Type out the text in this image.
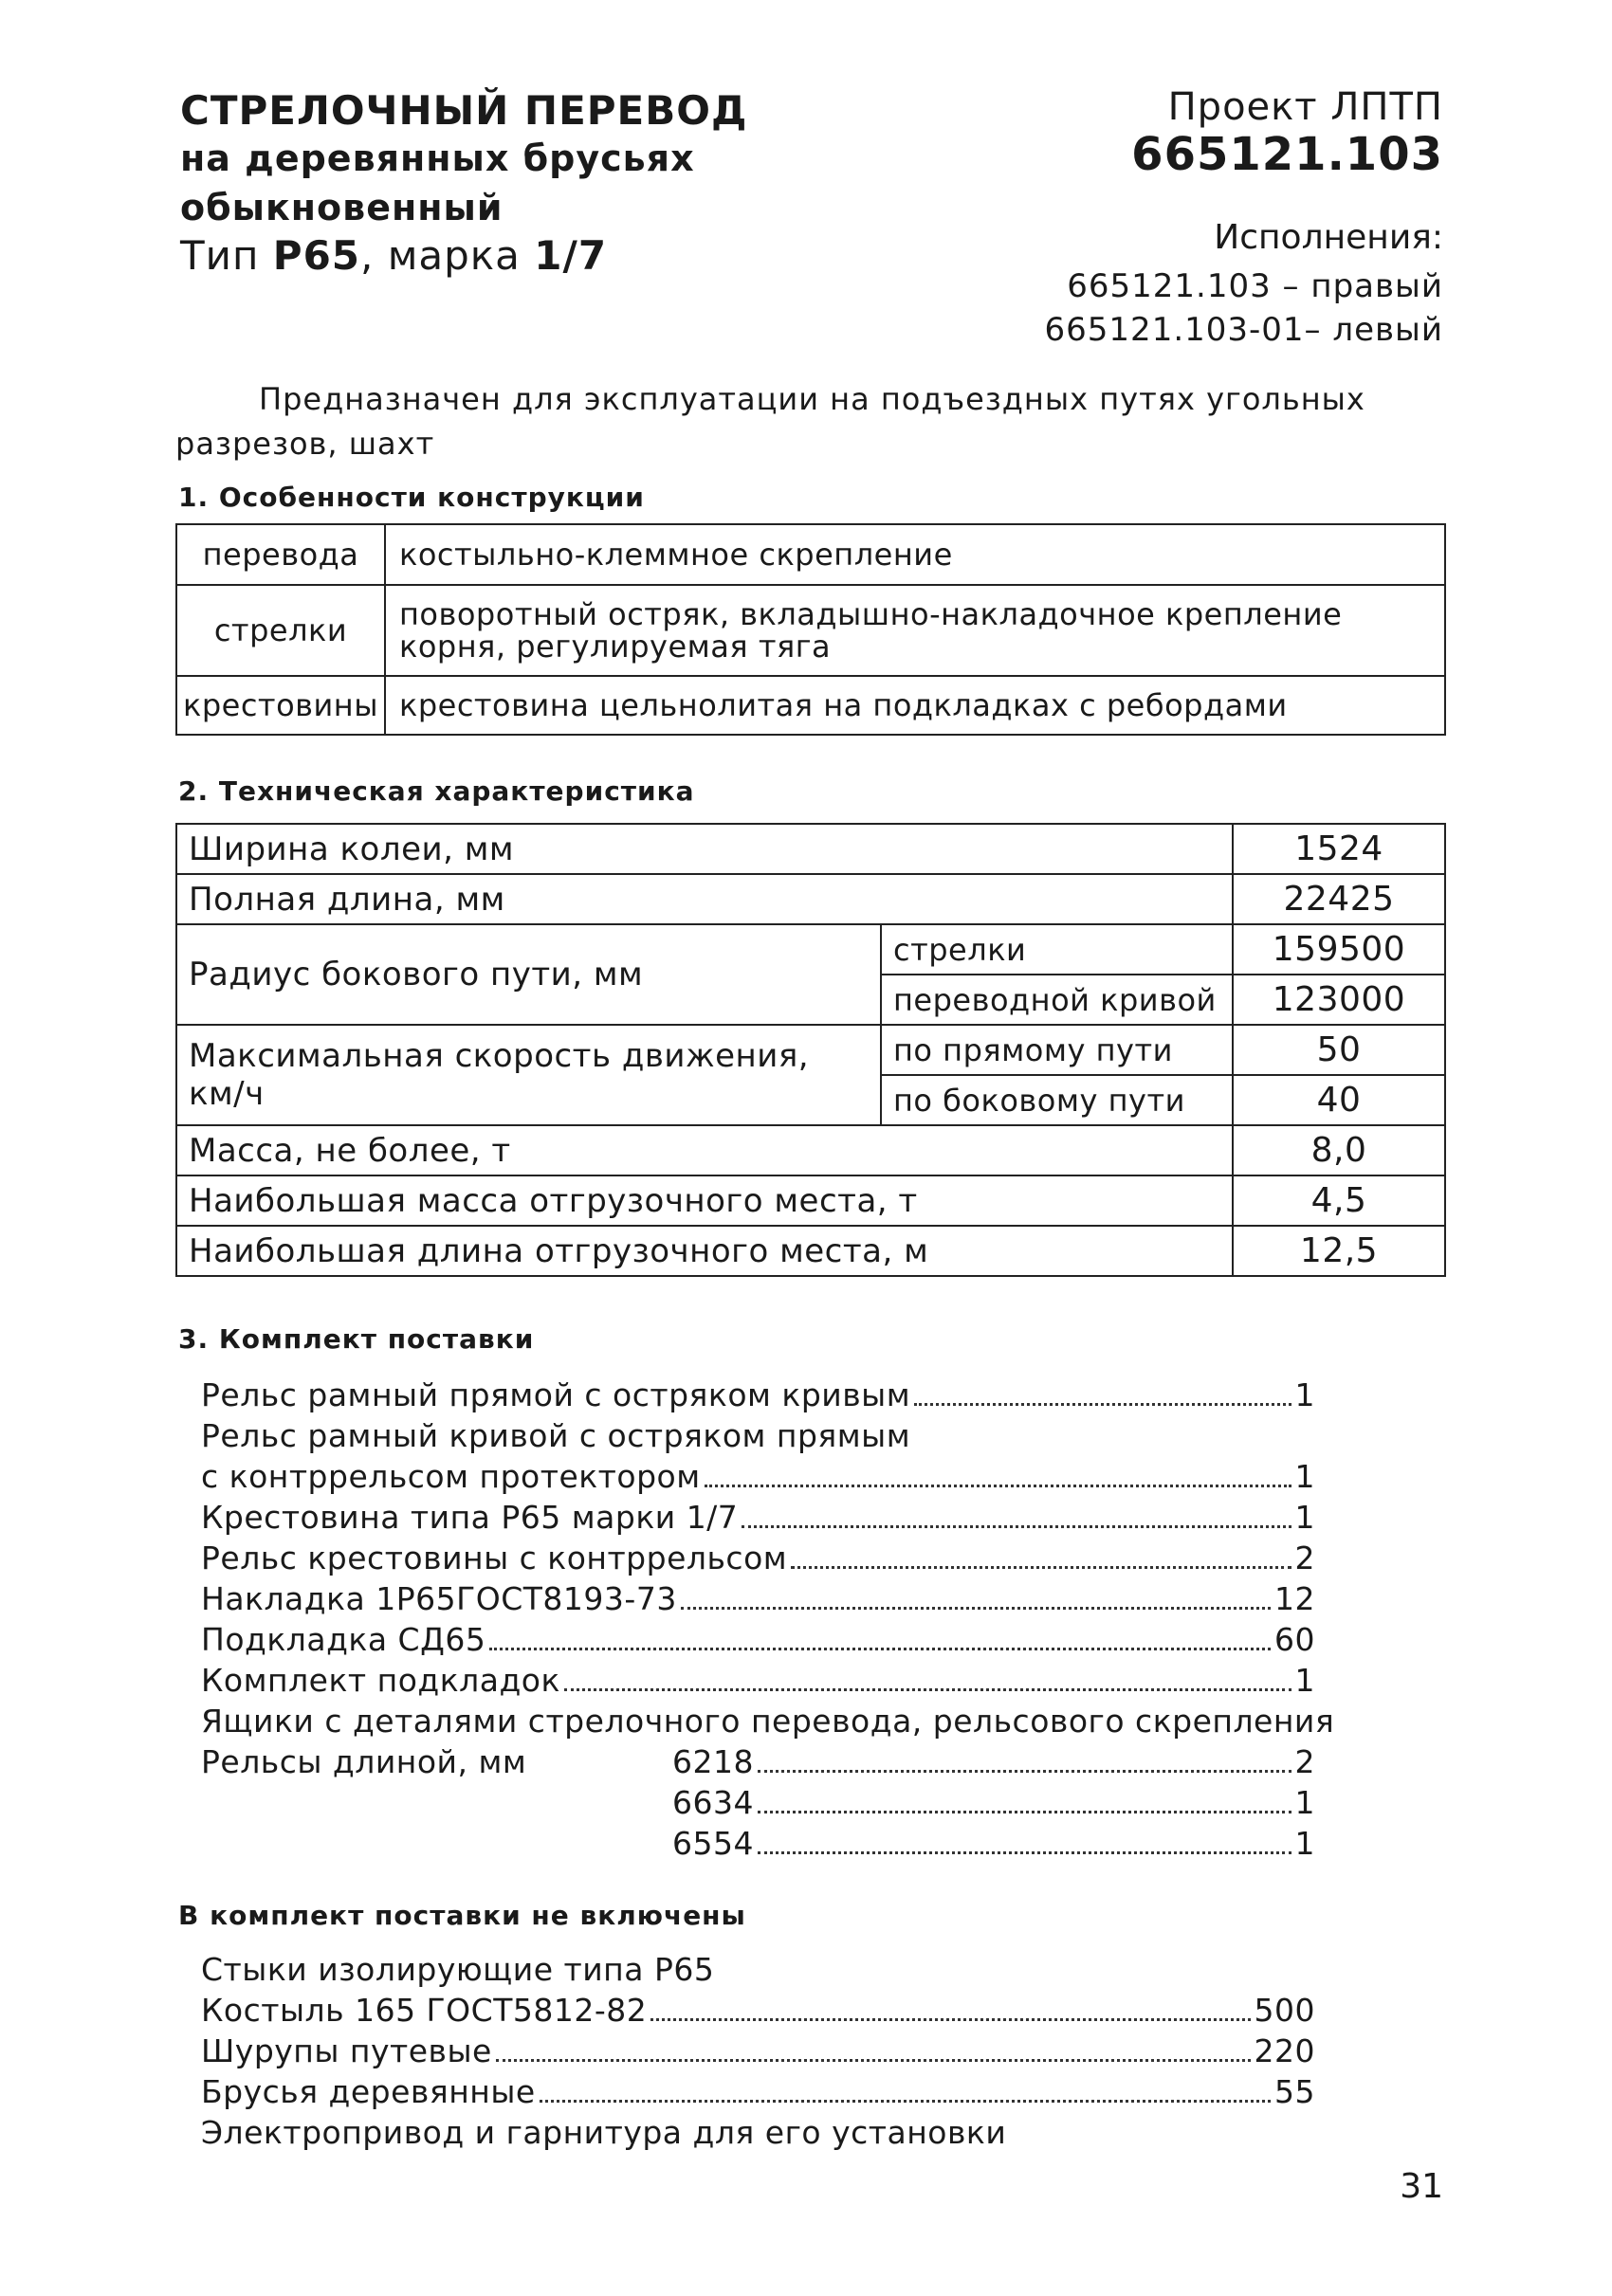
СТРЕЛОЧНЫЙ ПЕРЕВОД
на деревянных брусьях
обыкновенный
Тип Р65, марка 1/7
Проект ЛПТП
665121.103
Исполнения:
665121.103 – правый
665121.103-01– левый
Предназначен для эксплуатации на подъездных путях угольных
разрезов, шахт
1. Особенности конструкции
перевода	костыльно-клеммное скрепление
стрелки	поворотный остряк, вкладышно-накладочное крепление корня, регулируемая тяга
крестовины	крестовина цельнолитая на подкладках с ребордами
2. Техническая характеристика
Ширина колеи, мм		1524
Полная длина, мм		22425
Радиус бокового пути, мм	стрелки	159500
	переводной кривой	123000
Максимальная скорость движения, км/ч	по прямому пути	50
	по боковому пути	40
Масса, не более, т		8,0
Наибольшая масса отгрузочного места, т		4,5
Наибольшая длина отгрузочного места, м		12,5
3. Комплект поставки
Рельс рамный прямой с остряком кривым	1
Рельс рамный кривой с остряком прямым
с контррельсом протектором	1
Крестовина типа Р65 марки 1/7	1
Рельс крестовины с контррельсом	2
Накладка 1Р65ГОСТ8193-73	12
Подкладка СД65	60
Комплект подкладок	1
Ящики с деталями стрелочного перевода, рельсового скрепления
Рельсы длиной, мм	6218	2
6634	1
6554	1
В комплект поставки не включены
Стыки изолирующие типа Р65
Костыль 165 ГОСТ5812-82	500
Шурупы путевые	220
Брусья деревянные	55
Электропривод и гарнитура для его установки
31
